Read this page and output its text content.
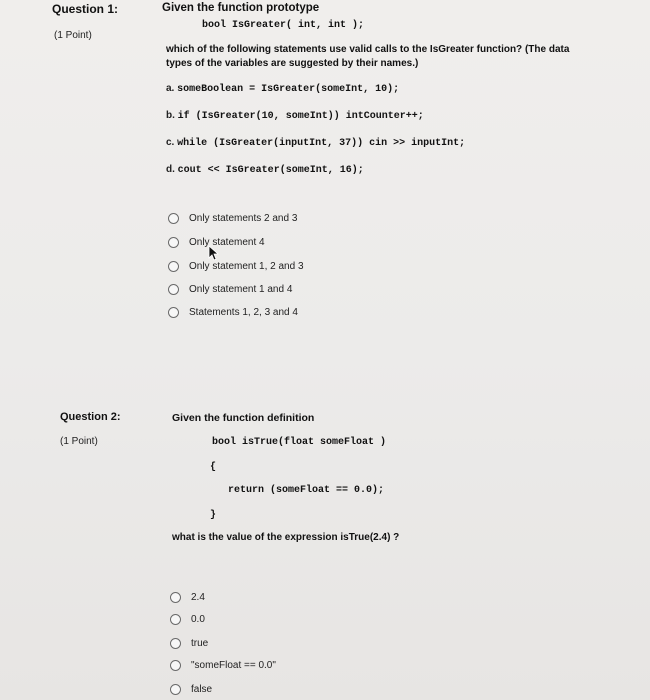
Question 1:
(1 Point)
Given the function prototype
bool IsGreater( int, int );
which of the following statements use valid calls to the IsGreater function? (The data
types of the variables are suggested by their names.)
a. someBoolean = IsGreater(someInt, 10);
b. if (IsGreater(10, someInt)) intCounter++;
c. while (IsGreater(inputInt, 37)) cin >> inputInt;
d. cout << IsGreater(someInt, 16);
Only statements 2 and 3
Only statement 4
Only statement 1, 2 and 3
Only statement 1 and 4
Statements 1, 2, 3 and 4
Question 2:
(1 Point)
Given the function definition
bool isTrue(float someFloat )
{
return (someFloat == 0.0);
}
what is the value of the expression isTrue(2.4) ?
2.4
0.0
true
"someFloat == 0.0"
false
